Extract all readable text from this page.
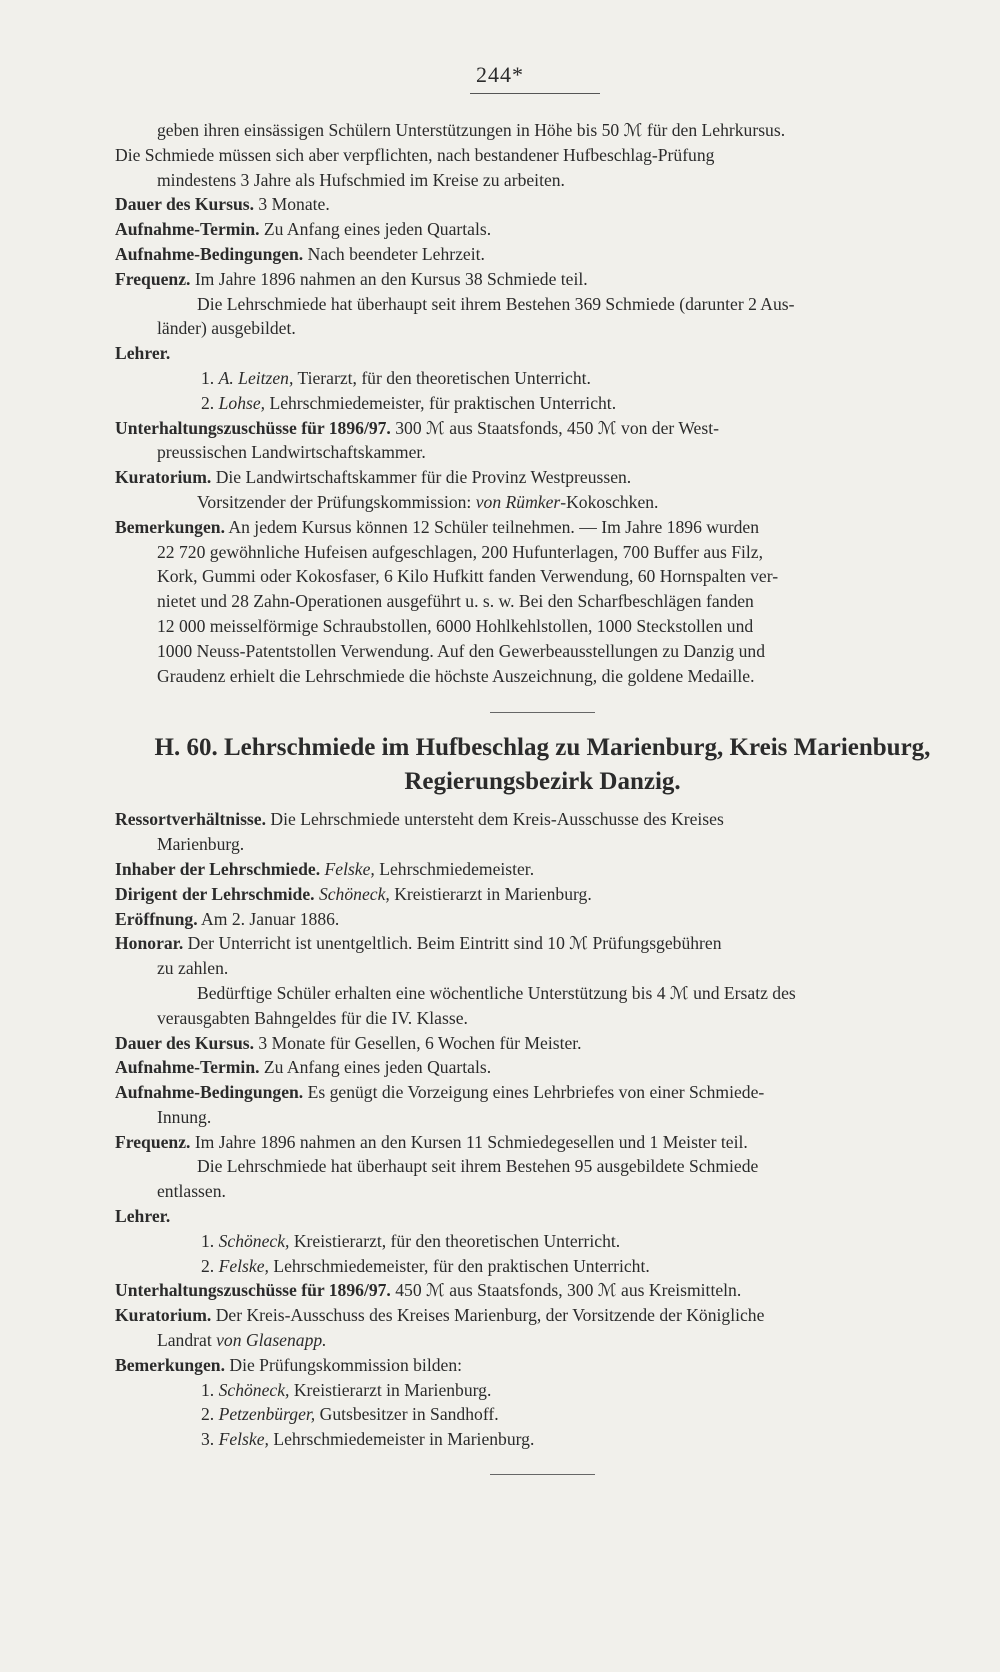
244*

geben ihren einsässigen Schülern Unterstützungen in Höhe bis 50 ℳ für den Lehrkursus.

Die Schmiede müssen sich aber verpflichten, nach bestandener Hufbeschlag-Prüfung

mindestens 3 Jahre als Hufschmied im Kreise zu arbeiten.

Dauer des Kursus. 3 Monate.

Aufnahme-Termin. Zu Anfang eines jeden Quartals.

Aufnahme-Bedingungen. Nach beendeter Lehrzeit.

Frequenz. Im Jahre 1896 nahmen an den Kursus 38 Schmiede teil.

Die Lehrschmiede hat überhaupt seit ihrem Bestehen 369 Schmiede (darunter 2 Aus-

länder) ausgebildet.

Lehrer.

1. A. Leitzen, Tierarzt, für den theoretischen Unterricht.

2. Lohse, Lehrschmiedemeister, für praktischen Unterricht.

Unterhaltungszuschüsse für 1896/97. 300 ℳ aus Staatsfonds, 450 ℳ von der West-

preussischen Landwirtschaftskammer.

Kuratorium. Die Landwirtschaftskammer für die Provinz Westpreussen.

Vorsitzender der Prüfungskommission: von Rümker-Kokoschken.

Bemerkungen. An jedem Kursus können 12 Schüler teilnehmen. — Im Jahre 1896 wurden

22 720 gewöhnliche Hufeisen aufgeschlagen, 200 Hufunterlagen, 700 Buffer aus Filz,

Kork, Gummi oder Kokosfaser, 6 Kilo Hufkitt fanden Verwendung, 60 Hornspalten ver-

nietet und 28 Zahn-Operationen ausgeführt u. s. w. Bei den Scharfbeschlägen fanden

12 000 meisselförmige Schraubstollen, 6000 Hohlkehlstollen, 1000 Steckstollen und

1000 Neuss-Patentstollen Verwendung. Auf den Gewerbeausstellungen zu Danzig und

Graudenz erhielt die Lehrschmiede die höchste Auszeichnung, die goldene Medaille.

H. 60. Lehrschmiede im Hufbeschlag zu Marienburg, Kreis Marienburg,
Regierungsbezirk Danzig.

Ressortverhältnisse. Die Lehrschmiede untersteht dem Kreis-Ausschusse des Kreises

Marienburg.

Inhaber der Lehrschmiede. Felske, Lehrschmiedemeister.

Dirigent der Lehrschmide. Schöneck, Kreistierarzt in Marienburg.

Eröffnung. Am 2. Januar 1886.

Honorar. Der Unterricht ist unentgeltlich. Beim Eintritt sind 10 ℳ Prüfungsgebühren

zu zahlen.

Bedürftige Schüler erhalten eine wöchentliche Unterstützung bis 4 ℳ und Ersatz des

verausgabten Bahngeldes für die IV. Klasse.

Dauer des Kursus. 3 Monate für Gesellen, 6 Wochen für Meister.

Aufnahme-Termin. Zu Anfang eines jeden Quartals.

Aufnahme-Bedingungen. Es genügt die Vorzeigung eines Lehrbriefes von einer Schmiede-

Innung.

Frequenz. Im Jahre 1896 nahmen an den Kursen 11 Schmiedegesellen und 1 Meister teil.

Die Lehrschmiede hat überhaupt seit ihrem Bestehen 95 ausgebildete Schmiede

entlassen.

Lehrer.

1. Schöneck, Kreistierarzt, für den theoretischen Unterricht.

2. Felske, Lehrschmiedemeister, für den praktischen Unterricht.

Unterhaltungszuschüsse für 1896/97. 450 ℳ aus Staatsfonds, 300 ℳ aus Kreismitteln.

Kuratorium. Der Kreis-Ausschuss des Kreises Marienburg, der Vorsitzende der Königliche

Landrat von Glasenapp.

Bemerkungen. Die Prüfungskommission bilden:

1. Schöneck, Kreistierarzt in Marienburg.

2. Petzenbürger, Gutsbesitzer in Sandhoff.

3. Felske, Lehrschmiedemeister in Marienburg.
